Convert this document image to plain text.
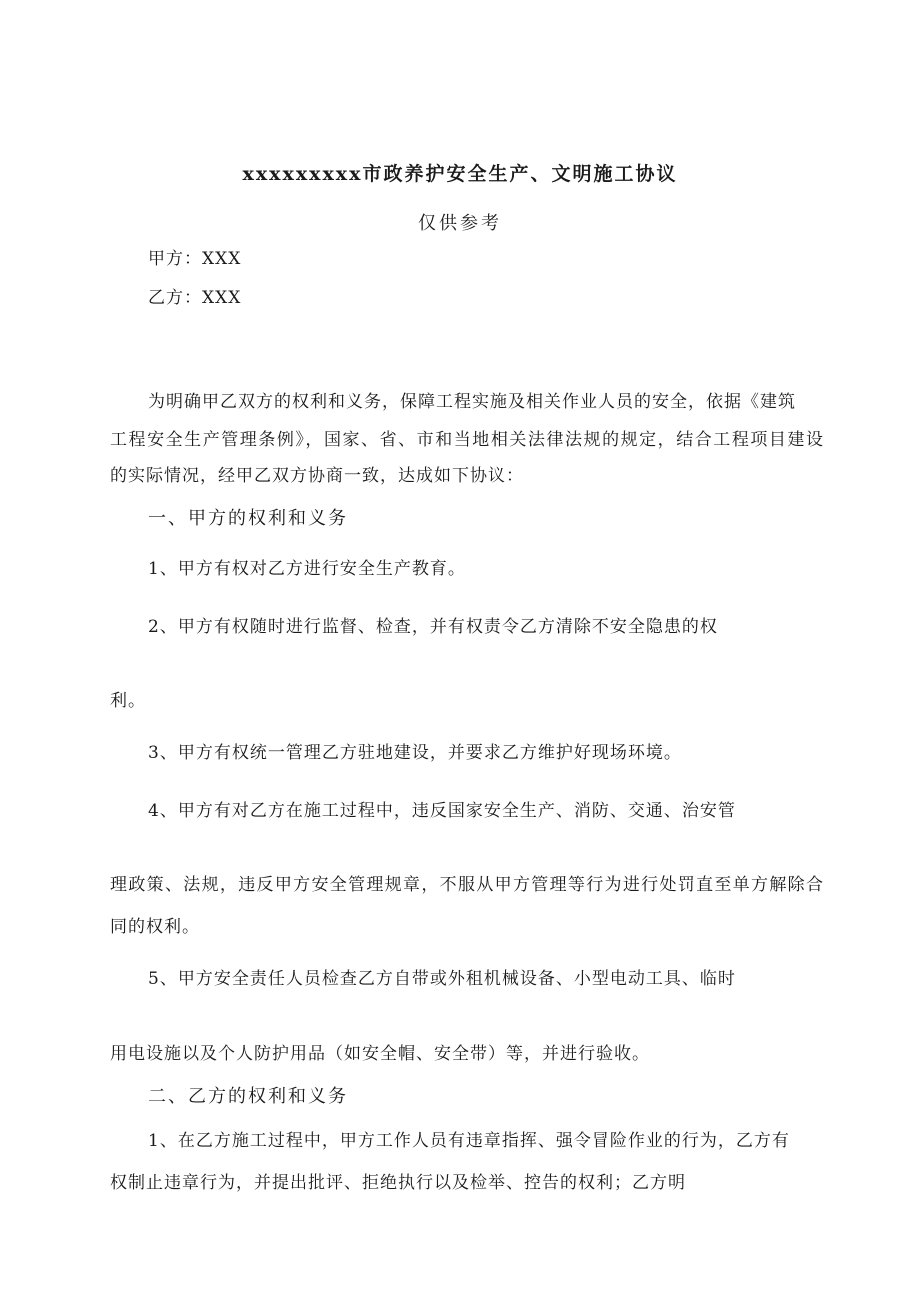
xxxxxxxxx市政养护安全生产、文明施工协议
仅供参考
甲方：XXX
乙方：XXX
为明确甲乙双方的权利和义务，保障工程实施及相关作业人员的安全，依据《建筑
工程安全生产管理条例》，国家、省、市和当地相关法律法规的规定，结合工程项目建设
的实际情况，经甲乙双方协商一致，达成如下协议：
一、甲方的权利和义务
1、甲方有权对乙方进行安全生产教育。
2、甲方有权随时进行监督、检查，并有权责令乙方清除不安全隐患的权
利。
3、甲方有权统一管理乙方驻地建设，并要求乙方维护好现场环境。
4、甲方有对乙方在施工过程中，违反国家安全生产、消防、交通、治安管
理政策、法规，违反甲方安全管理规章，不服从甲方管理等行为进行处罚直至单方解除合
同的权利。
5、甲方安全责任人员检查乙方自带或外租机械设备、小型电动工具、临时
用电设施以及个人防护用品（如安全帽、安全带）等，并进行验收。
二、乙方的权利和义务
1、在乙方施工过程中，甲方工作人员有违章指挥、强令冒险作业的行为，乙方有
权制止违章行为，并提出批评、拒绝执行以及检举、控告的权利；乙方明
